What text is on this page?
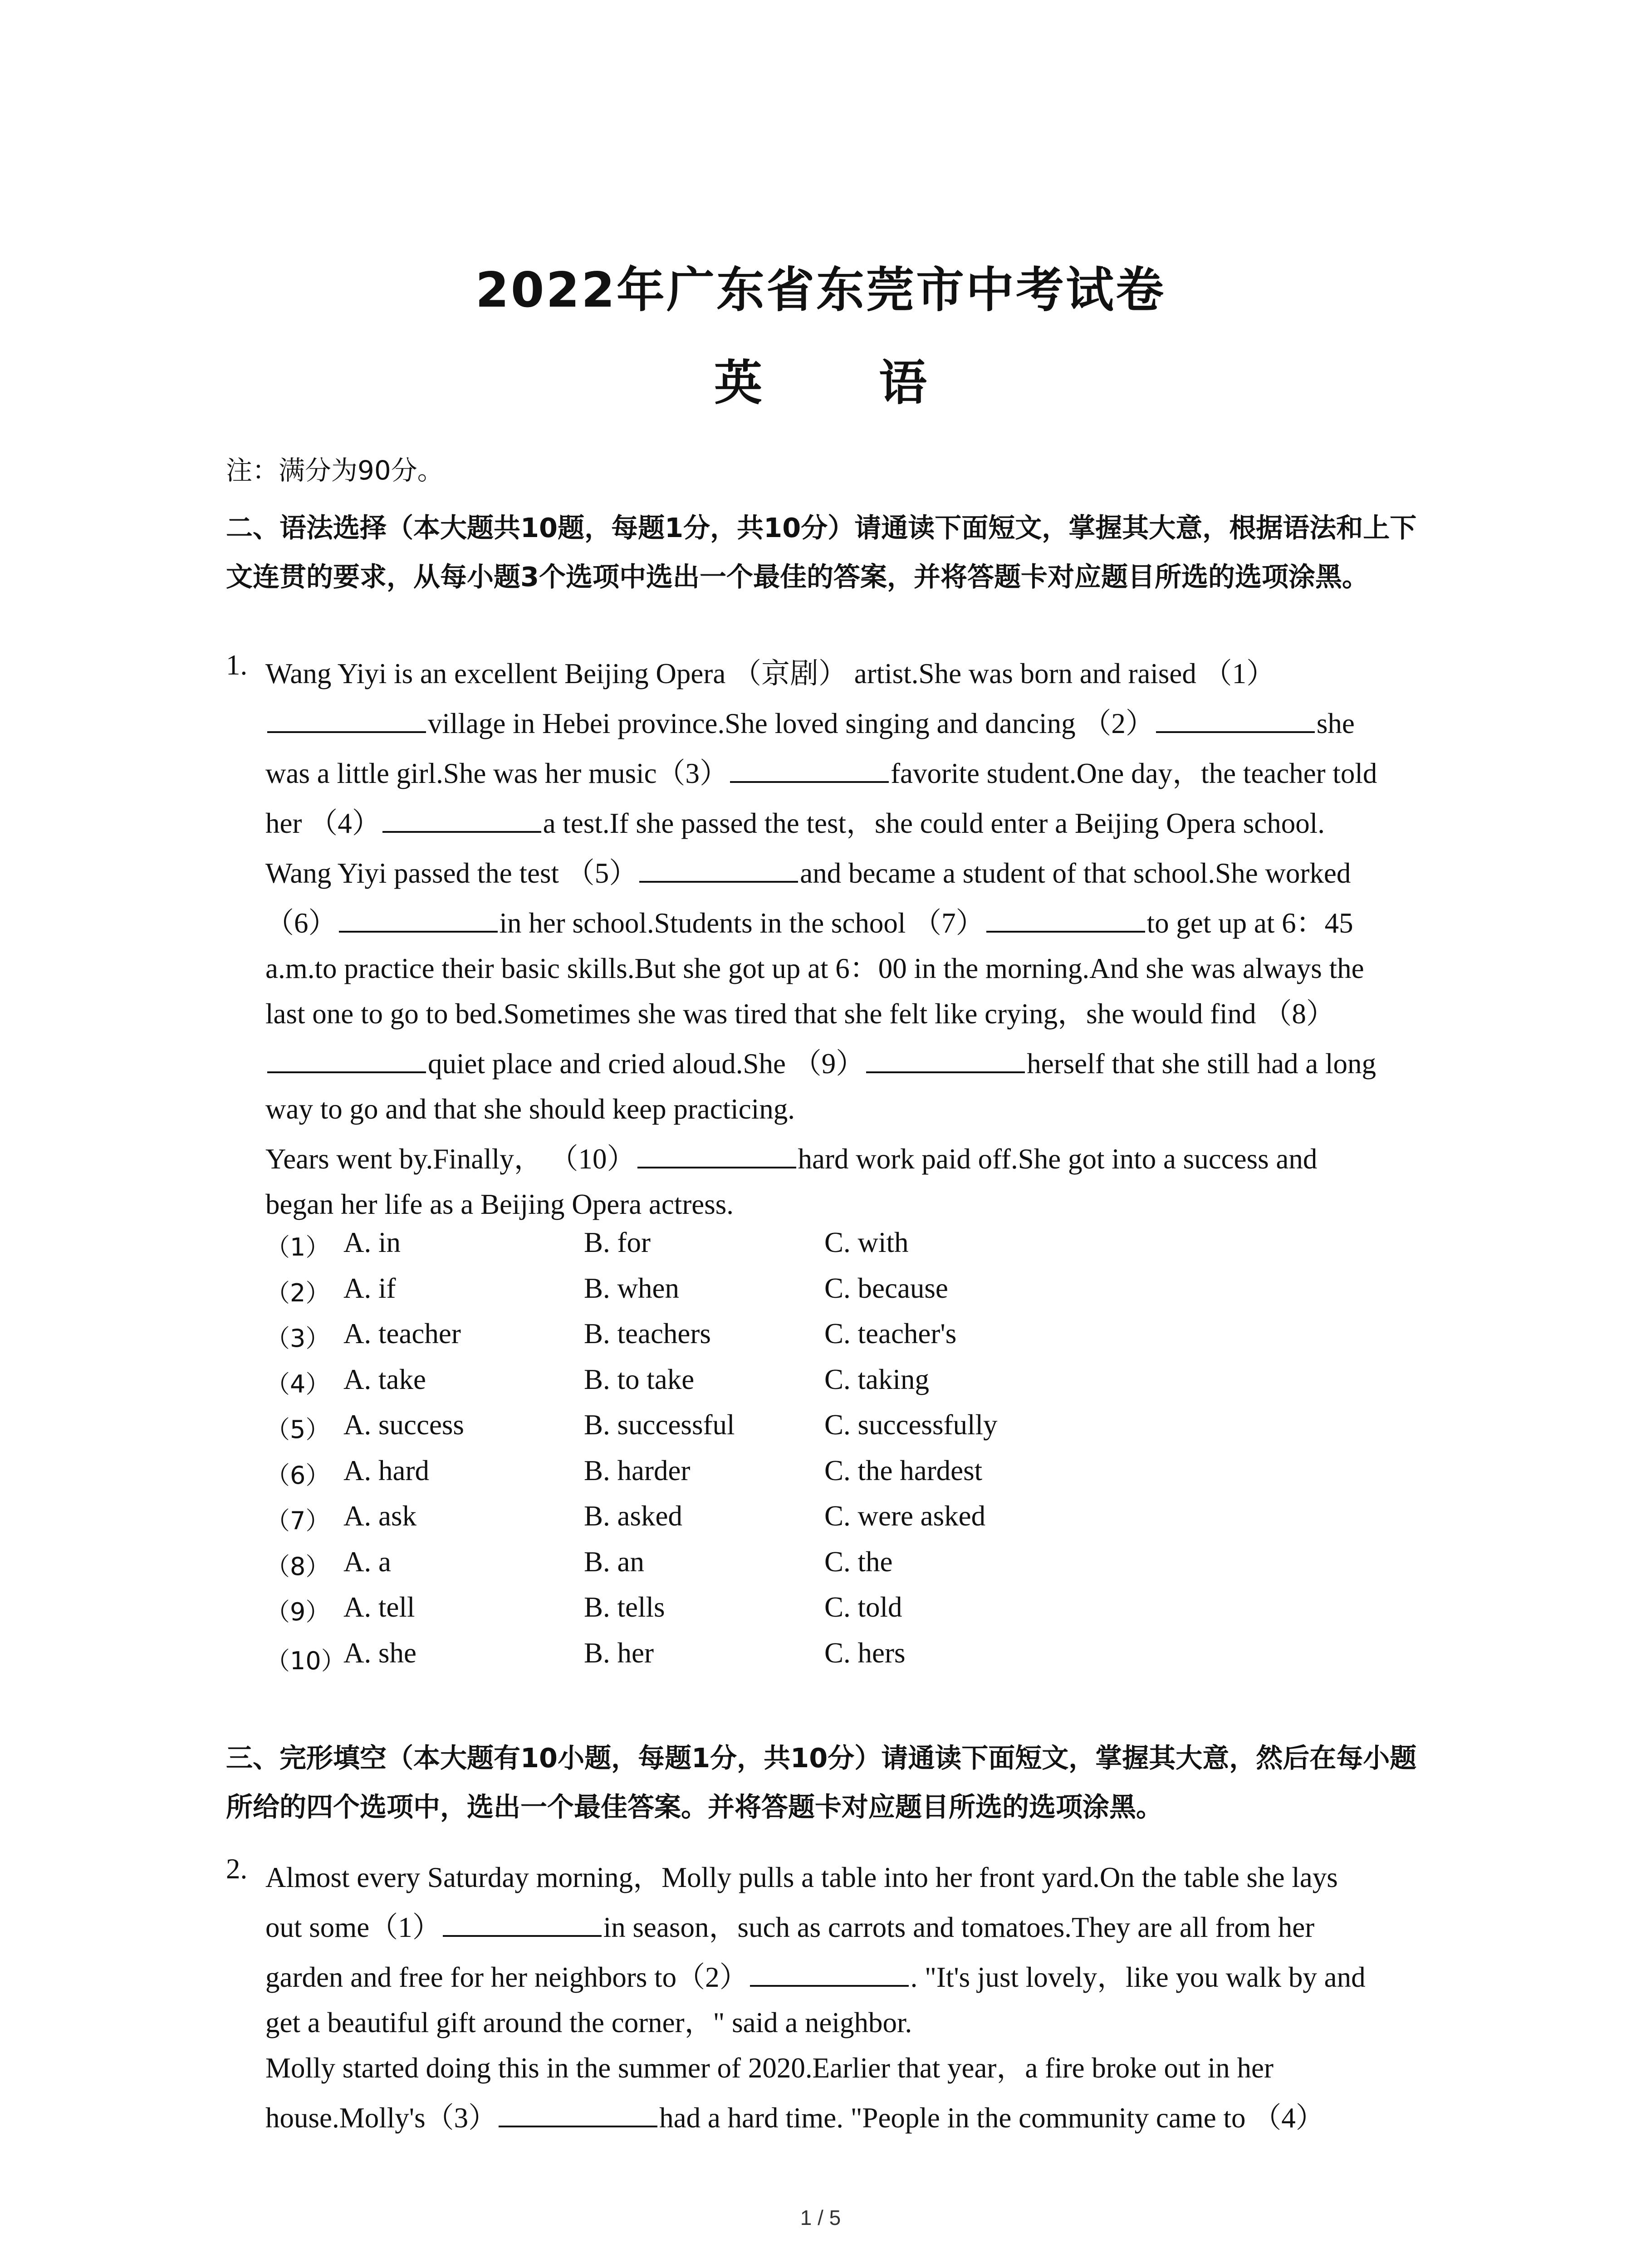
2022年广东省东莞市中考试卷
英 语
注：满分为90分。
二、语法选择（本大题共10题，每题1分，共10分）请通读下面短文，掌握其大意，根据语法和上下文连贯的要求，从每小题3个选项中选出一个最佳的答案，并将答题卡对应题目所选的选项涂黑。
1. Wang Yiyi is an excellent Beijing Opera （京剧） artist.She was born and raised （1）
village in Hebei province.She loved singing and dancing （2）	she
was a little girl.She was her music（3）	favorite student.One day，the teacher told
her （4）	a test.If she passed the test，she could enter a Beijing Opera school.
Wang Yiyi passed the test （5）	and became a student of that school.She worked
（6）	in her school.Students in the school （7）	to get up at 6：45
a.m.to practice their basic skills.But she got up at 6：00 in the morning.And she was always the
last one to go to bed.Sometimes she was tired that she felt like crying，she would find （8）
quiet place and cried aloud.She （9）	herself that she still had a long
way to go and that she should keep practicing.
Years went by.Finally， （10）	hard work paid off.She got into a success and
began her life as a Beijing Opera actress.
（1） A. in	B. for	C. with
（2） A. if	B. when	C. because
（3） A. teacher	B. teachers	C. teacher's
（4） A. take	B. to take	C. taking
（5） A. success	B. successful	C. successfully
（6） A. hard	B. harder	C. the hardest
（7） A. ask	B. asked	C. were asked
（8） A. a	B. an	C. the
（9） A. tell	B. tells	C. told
（10）
A. she	B. her	C. hers
三、完形填空（本大题有10小题，每题1分，共10分）请通读下面短文，掌握其大意，然后在每小题所给的四个选项中，选出一个最佳答案。并将答题卡对应题目所选的选项涂黑。
2. Almost every Saturday morning，Molly pulls a table into her front yard.On the table she lays
out some（1）	in season，such as carrots and tomatoes.They are all from her
garden and free for her neighbors to（2）	. "It's just lovely，like you walk by and
get a beautiful gift around the corner，" said a neighbor.
Molly started doing this in the summer of 2020.Earlier that year，a fire broke out in her
house.Molly's（3）	had a hard time. "People in the community came to （4）
1 / 5
